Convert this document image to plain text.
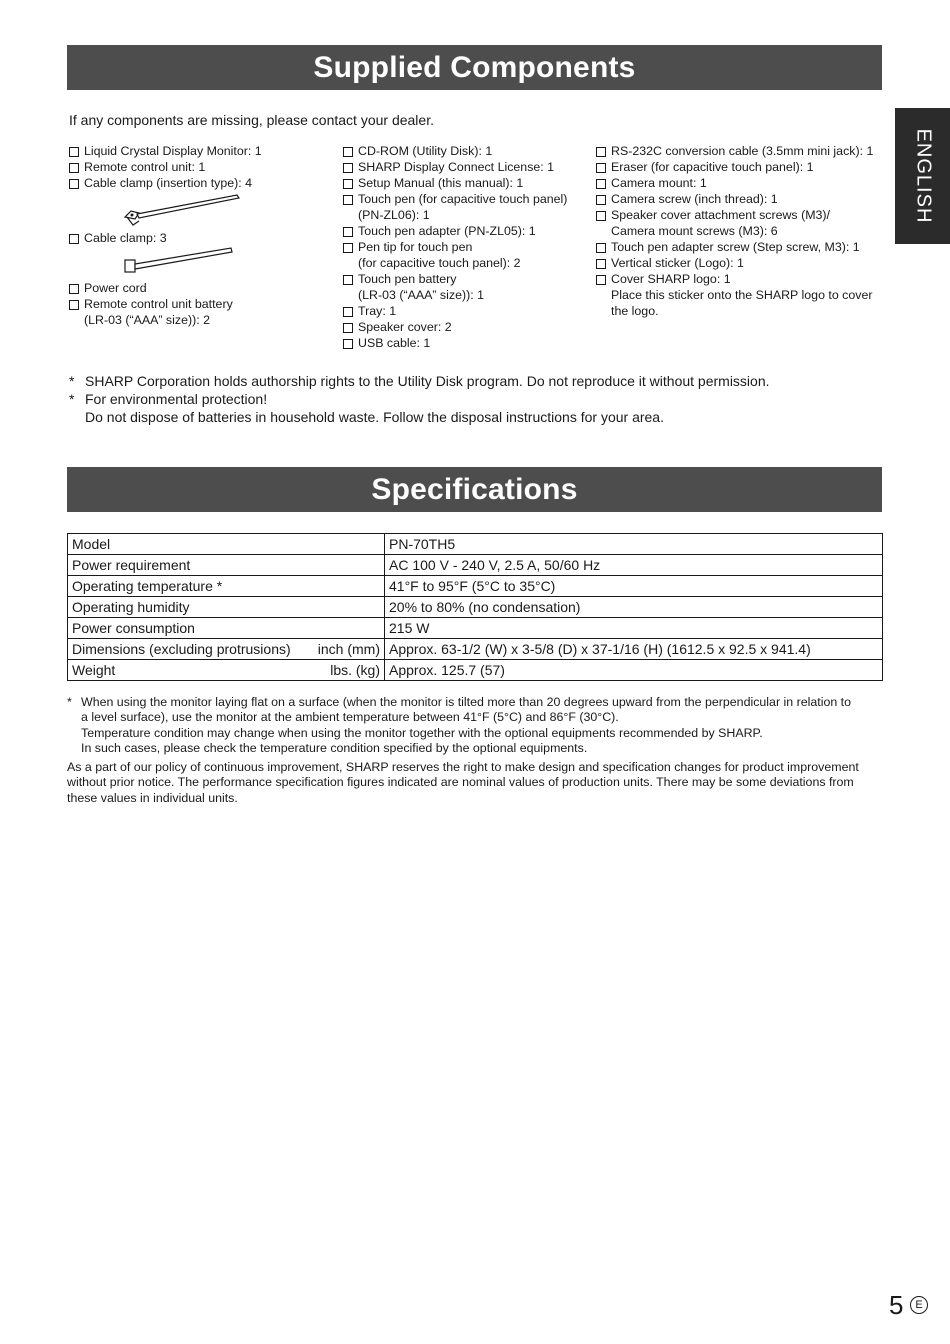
Supplied Components
ENGLISH
If any components are missing, please contact your dealer.
Liquid Crystal Display Monitor: 1
Remote control unit: 1
Cable clamp (insertion type): 4
Cable clamp: 3
Power cord
Remote control unit battery
(LR-03 (“AAA” size)): 2
CD-ROM (Utility Disk): 1
SHARP Display Connect License: 1
Setup Manual (this manual): 1
Touch pen (for capacitive touch panel)
(PN-ZL06): 1
Touch pen adapter (PN-ZL05): 1
Pen tip for touch pen
(for capacitive touch panel): 2
Touch pen battery
(LR-03 (“AAA” size)): 1
Tray: 1
Speaker cover: 2
USB cable: 1
RS-232C conversion cable (3.5mm mini jack): 1
Eraser (for capacitive touch panel): 1
Camera mount: 1
Camera screw (inch thread): 1
Speaker cover attachment screws (M3)/
Camera mount screws (M3): 6
Touch pen adapter screw (Step screw, M3): 1
Vertical sticker (Logo): 1
Cover SHARP logo: 1
Place this sticker onto the SHARP logo to cover
the logo.
* SHARP Corporation holds authorship rights to the Utility Disk program. Do not reproduce it without permission.
* For environmental protection!
Do not dispose of batteries in household waste. Follow the disposal instructions for your area.
Specifications
Model	PN-70TH5

Power requirement	AC 100 V - 240 V, 2.5 A, 50/60 Hz

Operating temperature *	41°F to 95°F (5°C to 35°C)

Operating humidity	20% to 80% (no condensation)

Power consumption	215 W

Dimensions (excluding protrusions) inch (mm)	Approx. 63-1/2 (W) x 3-5/8 (D) x 37-1/16 (H) (1612.5 x 92.5 x 941.4)

Weight lbs. (kg)	Approx. 125.7 (57)
* When using the monitor laying flat on a surface (when the monitor is tilted more than 20 degrees upward from the perpendicular in relation to
a level surface), use the monitor at the ambient temperature between 41°F (5°C) and 86°F (30°C).
Temperature condition may change when using the monitor together with the optional equipments recommended by SHARP.
In such cases, please check the temperature condition specified by the optional equipments.
As a part of our policy of continuous improvement, SHARP reserves the right to make design and specification changes for product improvement without prior notice. The performance specification figures indicated are nominal values of production units. There may be some deviations from these values in individual units.
5	E
